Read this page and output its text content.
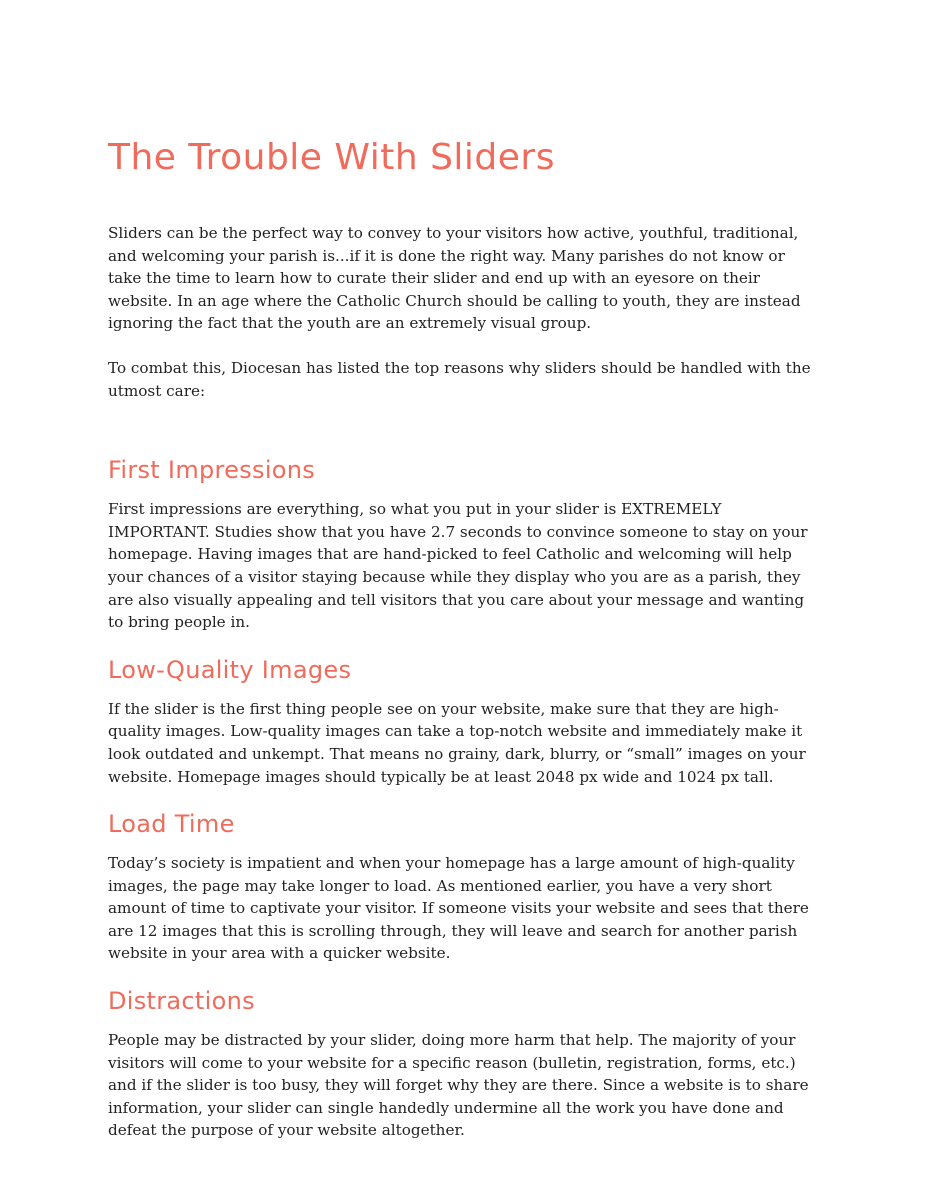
The Trouble With Sliders

Sliders can be the perfect way to convey to your visitors how active, youthful, traditional, and welcoming your parish is...if it is done the right way. Many parishes do not know or take the time to learn how to curate their slider and end up with an eyesore on their website. In an age where the Catholic Church should be calling to youth, they are instead ignoring the fact that the youth are an extremely visual group.

To combat this, Diocesan has listed the top reasons why sliders should be handled with the utmost care:

First Impressions

First impressions are everything, so what you put in your slider is EXTREMELY IMPORTANT. Studies show that you have 2.7 seconds to convince someone to stay on your homepage. Having images that are hand-picked to feel Catholic and welcoming will help your chances of a visitor staying because while they display who you are as a parish, they are also visually appealing and tell visitors that you care about your message and wanting to bring people in.

Low-Quality Images

If the slider is the first thing people see on your website, make sure that they are high-quality images. Low-quality images can take a top-notch website and immediately make it look outdated and unkempt. That means no grainy, dark, blurry, or “small” images on your website. Homepage images should typically be at least 2048 px wide and 1024 px tall.

Load Time

Today’s society is impatient and when your homepage has a large amount of high-quality images, the page may take longer to load. As mentioned earlier, you have a very short amount of time to captivate your visitor. If someone visits your website and sees that there are 12 images that this is scrolling through, they will leave and search for another parish website in your area with a quicker website.

Distractions

People may be distracted by your slider, doing more harm that help. The majority of your visitors will come to your website for a specific reason (bulletin, registration, forms, etc.) and if the slider is too busy, they will forget why they are there. Since a website is to share information, your slider can single handedly undermine all the work you have done and defeat the purpose of your website altogether.
